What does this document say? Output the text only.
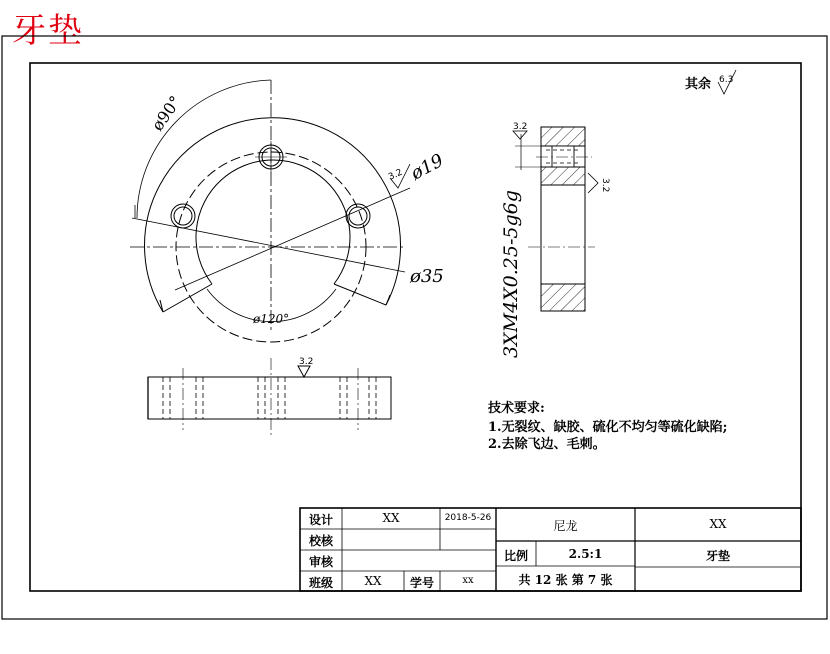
牙垫
ø90°
ø19
3.2
ø35
ø120°
3.2
3.2
3.2
3XM4X0.25-5g6g
6.3
其余
技术要求:
1.无裂纹、缺胶、硫化不均匀等硫化缺陷;
2.去除飞边、毛刺。
设计	XX	2018-5-26
校核
审核
班级	XX	学号	xx
尼龙	XX
比例	2.5:1	牙垫
共 12 张 第 7 张
